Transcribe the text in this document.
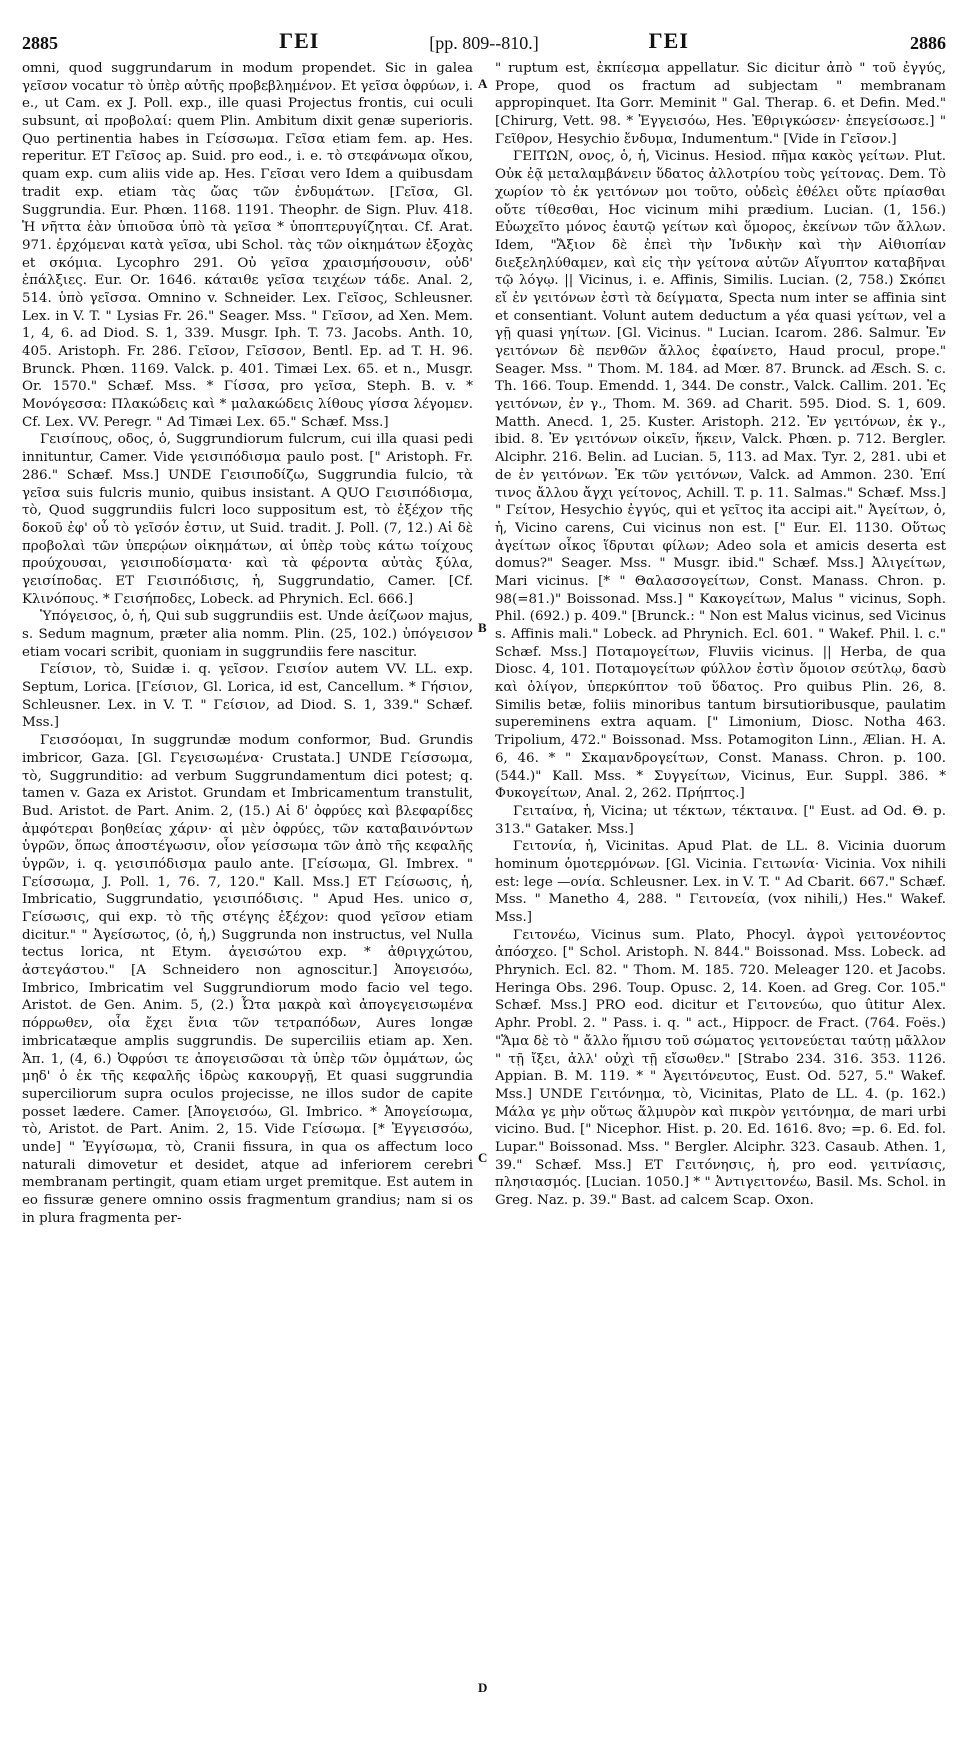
2885	ΓΕΙ	[pp. 809--810.]	ΓΕΙ	2886

omni, quod suggrundarum in modum propendet. Sic in galea γεῖσον vocatur τὸ ὑπὲρ αὐτῆς προβεβλημένον. Et γεῖσα ὀφρύων, i. e., ut Cam. ex J. Poll. exp., ille quasi Projectus frontis, cui oculi subsunt, αἱ προβολαί: quem Plin. Ambitum dixit genæ superioris. Quo pertinentia habes in Γείσσωμα. Γεῖσα etiam fem. ap. Hes. reperitur. ET Γεῖσος ap. Suid. pro eod., i. e. τὸ στεφάνωμα οἴκου, quam exp. cum aliis vide ap. Hes. Γεῖσαι vero Idem a quibusdam tradit exp. etiam τὰς ὤας τῶν ἐνδυμάτων. [Γεῖσα, Gl. Suggrundia. Eur. Phœn. 1168. 1191. Theophr. de Sign. Pluv. 418. Ἡ νῆττα ἐὰν ὑπιοῦσα ὑπὸ τὰ γεῖσα * ὑποπτερυγίζηται. Cf. Arat. 971. ἐρχόμεναι κατὰ γεῖσα, ubi Schol. τὰς τῶν οἰκημάτων ἐξοχὰς et σκόμια. Lycophro 291. Οὐ γεῖσα χραισμήσουσιν, οὐδ' ἐπάλξιες. Eur. Or. 1646. κάταιθε γεῖσα τειχέων τάδε. Anal. 2, 514. ὑπὸ γεῖσσα. Omnino v. Schneider. Lex. Γεῖσος, Schleusner. Lex. in V. T. " Lysias Fr. 26." Seager. Mss. " Γεῖσον, ad Xen. Mem. 1, 4, 6. ad Diod. S. 1, 339. Musgr. Iph. T. 73. Jacobs. Anth. 10, 405. Aristoph. Fr. 286. Γεῖσον, Γεῖσσον, Bentl. Ep. ad T. H. 96. Brunck. Phœn. 1169. Valck. p. 401. Timæi Lex. 65. et n., Musgr. Or. 1570." Schæf. Mss. * Γίσσα, pro γεῖσα, Steph. B. v. * Μονόγεσσα: Πλακώδεις καὶ * μαλακώδεις λίθους γίσσα λέγομεν. Cf. Lex. VV. Peregr. " Ad Timæi Lex. 65." Schæf. Mss.]

Γεισίπους, οδος, ὁ, Suggrundiorum fulcrum, cui illa quasi pedi innituntur, Camer. Vide γεισιπόδισμα paulo post. [" Aristoph. Fr. 286." Schæf. Mss.] UNDE Γεισιποδίζω, Suggrundia fulcio, τὰ γεῖσα suis fulcris munio, quibus insistant. A QUO Γεισιπόδισμα, τὸ, Quod suggrundiis fulcri loco suppositum est, τὸ ἐξέχον τῆς δοκοῦ ἐφ' οὗ τὸ γεῖσόν ἐστιν, ut Suid. tradit. J. Poll. (7, 12.) Αἱ δὲ προβολαὶ τῶν ὑπερῴων οἰκημάτων, αἱ ὑπὲρ τοὺς κάτω τοίχους προύχουσαι, γεισιποδίσματα· καὶ τὰ φέροντα αὐτὰς ξύλα, γεισίποδας. ET Γεισιπόδισις, ἡ, Suggrundatio, Camer. [Cf. Κλινόπους. * Γεισήποδες, Lobeck. ad Phrynich. Ecl. 666.]

Ὑπόγεισος, ὁ, ἡ, Qui sub suggrundiis est. Unde ἀείζωον majus, s. Sedum magnum, præter alia nomm. Plin. (25, 102.) ὑπόγεισον etiam vocari scribit, quoniam in suggrundiis fere nascitur.

Γείσιον, τὸ, Suidæ i. q. γεῖσον. Γεισίον autem VV. LL. exp. Septum, Lorica. [Γείσιον, Gl. Lorica, id est, Cancellum. * Γήσιον, Schleusner. Lex. in V. T. " Γείσιον, ad Diod. S. 1, 339." Schæf. Mss.]

Γεισσόομαι, In suggrundæ modum conformor, Bud. Grundis imbricor, Gaza. [Gl. Γεγεισωμένα· Crustata.] UNDE Γείσσωμα, τὸ, Suggrunditio: ad verbum Suggrundamentum dici potest; q. tamen v. Gaza ex Aristot. Grundam et Imbricamentum transtulit, Bud. Aristot. de Part. Anim. 2, (15.) Αἱ δ' ὀφρύες καὶ βλεφαρίδες ἀμφότεραι βοηθείας χάριν· αἱ μὲν ὀφρύες, τῶν καταβαινόντων ὑγρῶν, ὅπως ἀποστέγωσιν, οἷον γείσσωμα τῶν ἀπὸ τῆς κεφαλῆς ὑγρῶν, i. q. γεισιπόδισμα paulo ante. [Γείσωμα, Gl. Imbrex. " Γείσσωμα, J. Poll. 1, 76. 7, 120." Kall. Mss.] ET Γείσωσις, ἡ, Imbricatio, Suggrundatio, γεισιπόδισις. " Apud Hes. unico σ, Γείσωσις, qui exp. τὸ τῆς στέγης ἐξέχον: quod γεῖσον etiam dicitur." " Ἀγείσωτος, (ὁ, ἡ,) Suggrunda non instructus, vel Nulla tectus lorica, nt Etym. ἀγεισώτου exp. * ἀθριγχώτου, ἀστεγάστου." [A Schneidero non agnoscitur.] Ἀπογεισόω, Imbrico, Imbricatim vel Suggrundiorum modo facio vel tego. Aristot. de Gen. Anim. 5, (2.) Ὦτα μακρὰ καὶ ἀπογεγεισωμένα πόρρωθεν, οἷα ἔχει ἔνια τῶν τετραπόδων, Aures longæ imbricatæque amplis suggrundis. De superciliis etiam ap. Xen. Ἀπ. 1, (4, 6.) Ὀφρύσι τε ἀπογεισῶσαι τὰ ὑπὲρ τῶν ὀμμάτων, ὡς μηδ' ὁ ἐκ τῆς κεφαλῆς ἱδρὼς κακουργῇ, Et quasi suggrundia superciliorum supra oculos projecisse, ne illos sudor de capite posset lædere. Camer. [Ἀπογεισόω, Gl. Imbrico. * Ἀπογείσωμα, τὸ, Aristot. de Part. Anim. 2, 15. Vide Γείσωμα. [* Ἐγγεισσόω, unde] " Ἐγγίσωμα, τὸ, Cranii fissura, in qua os affectum loco naturali dimovetur et desidet, atque ad inferiorem cerebri membranam pertingit, quam etiam urget premitque. Est autem in eo fissuræ genere omnino ossis fragmentum grandius; nam si os in plura fragmenta per-

A
B
C
D

" ruptum est, ἐκπίεσμα appellatur. Sic dicitur ἀπὸ " τοῦ ἐγγύς, Prope, quod os fractum ad subjectam " membranam appropinquet. Ita Gorr. Meminit " Gal. Therap. 6. et Defin. Med." [Chirurg, Vett. 98. * Ἐγγεισόω, Hes. Ἐθριγκώσεν· ἐπεγείσωσε.] " Γεῖθρον, Hesychio ἔνδυμα, Indumentum." [Vide in Γεῖσον.]

ΓΕΙΤΩΝ, ονος, ὁ, ἡ, Vicinus. Hesiod. πῆμα κακὸς γείτων. Plut. Οὐκ ἐᾷ μεταλαμβάνειν ὕδατος ἀλλοτρίου τοὺς γείτονας. Dem. Τὸ χωρίον τὸ ἐκ γειτόνων μοι τοῦτο, οὐδεὶς ἐθέλει οὔτε πρίασθαι οὔτε τίθεσθαι, Hoc vicinum mihi prædium. Lucian. (1, 156.) Εὐωχεῖτο μόνος ἑαυτῷ γείτων καὶ ὅμορος, ἐκείνων τῶν ἄλλων. Idem, "Ἄξιον δὲ ἐπεὶ τὴν Ἰνδικὴν καὶ τὴν Αἰθιοπίαν διεξεληλύθαμεν, καὶ εἰς τὴν γείτονα αὐτῶν Αἴγυπτον καταβῆναι τῷ λόγῳ. || Vicinus, i. e. Affinis, Similis. Lucian. (2, 758.) Σκόπει εἴ ἐν γειτόνων ἐστὶ τὰ δείγματα, Specta num inter se affinia sint et consentiant. Volunt autem deductum a γέα quasi γείτων, vel a γῇ quasi γηίτων. [Gl. Vicinus. " Lucian. Icarom. 286. Salmur. Ἐν γειτόνων δὲ πενθῶν ἄλλος ἐφαίνετο, Haud procul, prope." Seager. Mss. " Thom. M. 184. ad Mœr. 87. Brunck. ad Æsch. S. c. Th. 166. Toup. Emendd. 1, 344. De constr., Valck. Callim. 201. Ἐς γειτόνων, ἐν γ., Thom. M. 369. ad Charit. 595. Diod. S. 1, 609. Matth. Anecd. 1, 25. Kuster. Aristoph. 212. Ἐν γειτόνων, ἐκ γ., ibid. 8. Ἐν γειτόνων οἰκεῖν, ἥκειν, Valck. Phœn. p. 712. Bergler. Alciphr. 216. Belin. ad Lucian. 5, 113. ad Max. Tyr. 2, 281. ubi et de ἐν γειτόνων. Ἐκ τῶν γειτόνων, Valck. ad Ammon. 230. Ἐπί τινος ἄλλου ἄγχι γείτονος, Achill. T. p. 11. Salmas." Schæf. Mss.] " Γείτον, Hesychio ἐγγύς, qui et γεῖτος ita accipi ait." Ἀγείτων, ὁ, ἡ, Vicino carens, Cui vicinus non est. [" Eur. El. 1130. Οὕτως ἀγείτων οἶκος ἵδρυται φίλων; Adeo sola et amicis deserta est domus?" Seager. Mss. " Musgr. ibid." Schæf. Mss.] Ἀλιγείτων, Mari vicinus. [* " Θαλασσογείτων, Const. Manass. Chron. p. 98(=81.)" Boissonad. Mss.] " Κακογείτων, Malus " vicinus, Soph. Phil. (692.) p. 409." [Brunck.: " Non est Malus vicinus, sed Vicinus s. Affinis mali." Lobeck. ad Phrynich. Ecl. 601. " Wakef. Phil. l. c." Schæf. Mss.] Ποταμογείτων, Fluviis vicinus. || Herba, de qua Diosc. 4, 101. Ποταμογείτων φύλλον ἐστὶν ὅμοιον σεύτλῳ, δασὺ καὶ ὀλίγον, ὑπερκύπτον τοῦ ὕδατος. Pro quibus Plin. 26, 8. Similis betæ, foliis minoribus tantum birsutioribusque, paulatim supereminens extra aquam. [" Limonium, Diosc. Notha 463. Tripolium, 472." Boissonad. Mss. Potamogiton Linn., Ælian. H. A. 6, 46. * " Σκαμανδρογείτων, Const. Manass. Chron. p. 100. (544.)" Kall. Mss. * Συγγείτων, Vicinus, Eur. Suppl. 386. * Φυκογείτων, Anal. 2, 262. Πρήπτος.]

Γειταίνα, ἡ, Vicina; ut τέκτων, τέκταινα. [" Eust. ad Od. Θ. p. 313." Gataker. Mss.]

Γειτονία, ἡ, Vicinitas. Apud Plat. de LL. 8. Vicinia duorum hominum ὁμοτερμόνων. [Gl. Vicinia. Γειτωνία· Vicinia. Vox nihili est: lege —ονία. Schleusner. Lex. in V. T. " Ad Cbarit. 667." Schæf. Mss. " Manetho 4, 288. " Γειτονεία, (vox nihili,) Hes." Wakef. Mss.]

Γειτονέω, Vicinus sum. Plato, Phocyl. ἀγροὶ γειτονέοντος ἀπόσχεο. [" Schol. Aristoph. N. 844." Boissonad. Mss. Lobeck. ad Phrynich. Ecl. 82. " Thom. M. 185. 720. Meleager 120. et Jacobs. Heringa Obs. 296. Toup. Opusc. 2, 14. Koen. ad Greg. Cor. 105." Schæf. Mss.] PRO eod. dicitur et Γειτονεύω, quo ûtitur Alex. Aphr. Probl. 2. " Pass. i. q. " act., Hippocr. de Fract. (764. Foës.) "Ἅμα δὲ τὸ " ἄλλο ἥμισυ τοῦ σώματος γειτονεύεται ταύτῃ μᾶλλον " τῇ ἴξει, ἀλλ' οὐχὶ τῇ εἴσωθεν." [Strabo 234. 316. 353. 1126. Appian. B. M. 119. * " Ἀγειτόνευτος, Eust. Od. 527, 5." Wakef. Mss.] UNDE Γειτόνημα, τὸ, Vicinitas, Plato de LL. 4. (p. 162.) Μάλα γε μὴν οὕτως ἅλμυρὸν καὶ πικρὸν γειτόνημα, de mari urbi vicino. Bud. [" Nicephor. Hist. p. 20. Ed. 1616. 8vo; =p. 6. Ed. fol. Lupar." Boissonad. Mss. " Bergler. Alciphr. 323. Casaub. Athen. 1, 39." Schæf. Mss.] ET Γειτόνησις, ἡ, pro eod. γειτνίασις, πλησιασμός. [Lucian. 1050.] * " Ἀντιγειτονέω, Basil. Ms. Schol. in Greg. Naz. p. 39." Bast. ad calcem Scap. Oxon.
